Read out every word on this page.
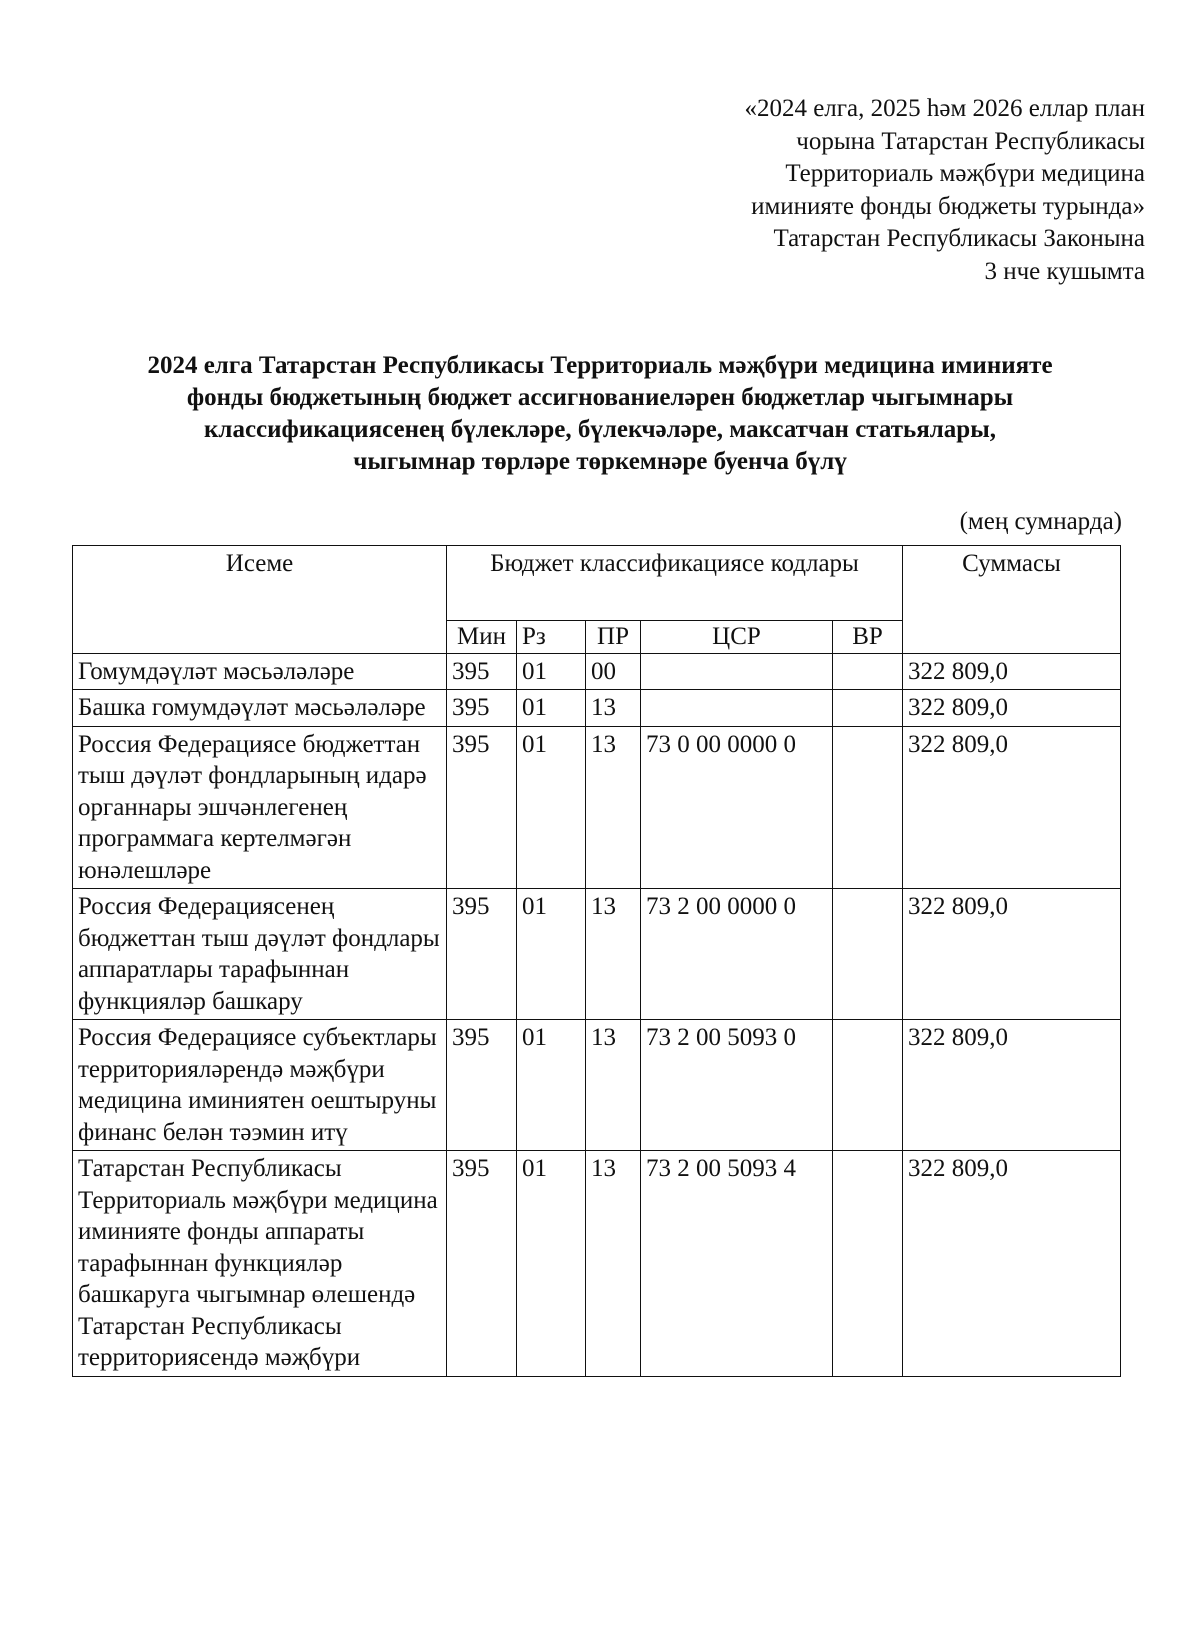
«2024 елга, 2025 һәм 2026 еллар план
чорына Татарстан Республикасы
Территориаль мәҗбүри медицина
иминияте фонды бюджеты турында»
Татарстан Республикасы Законына
3 нче кушымта
2024 елга Татарстан Республикасы Территориаль мәҗбүри медицина иминияте
фонды бюджетының бюджет ассигнованиеләрен бюджетлар чыгымнары
классификациясенең бүлекләре, бүлекчәләре, максатчан статьялары,
чыгымнар төрләре төркемнәре буенча бүлү
(мең сумнарда)
Исеме	Бюджет классификациясе кодлары					Суммасы
	Мин	Рз	ПР	ЦСР	ВР	
Гомумдәүләт мәсьәләләре	395	01	00			322 809,0
Башка гомумдәүләт мәсьәләләре	395	01	13			322 809,0
Россия Федерациясе бюджеттан тыш дәүләт фондларының идарә органнары эшчәнлегенең программага кертелмәгән юнәлешләре	395	01	13	73 0 00 0000 0		322 809,0
Россия Федерациясенең бюджеттан тыш дәүләт фондлары аппаратлары тарафыннан функцияләр башкару	395	01	13	73 2 00 0000 0		322 809,0
Россия Федерациясе субъектлары территорияләрендә мәҗбүри медицина иминиятен оештыруны финанс белән тәэмин итү	395	01	13	73 2 00 5093 0		322 809,0
Татарстан Республикасы Территориаль мәҗбүри медицина иминияте фонды аппараты тарафыннан функцияләр башкаруга чыгымнар өлешендә Татарстан Республикасы территориясендә мәҗбүри	395	01	13	73 2 00 5093 4		322 809,0
